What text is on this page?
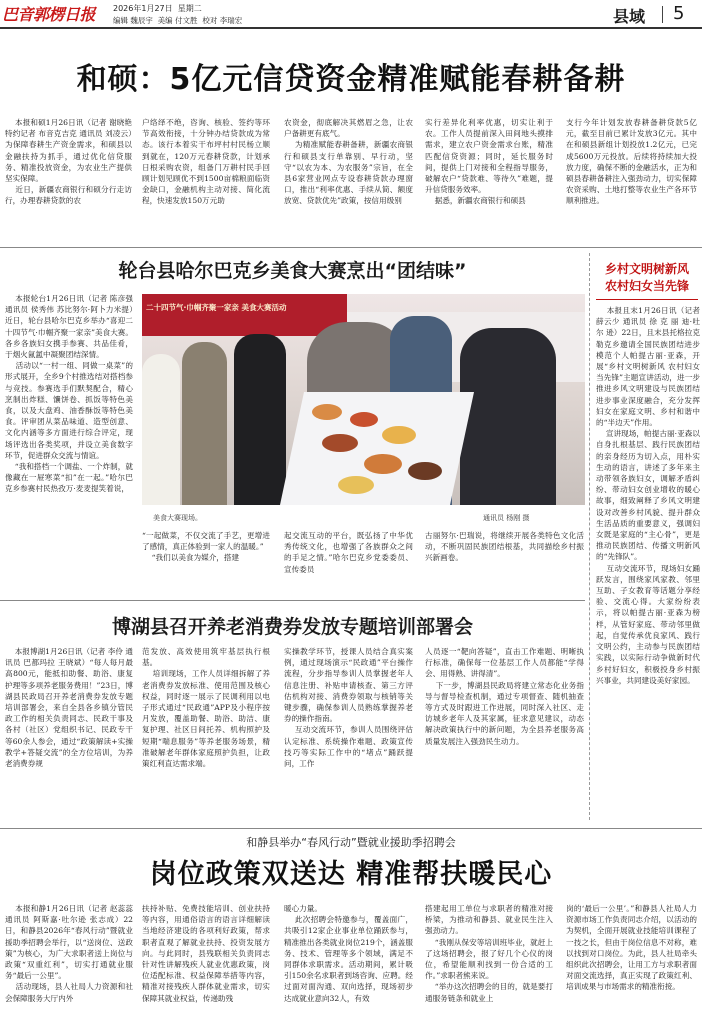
巴音郭楞日报 2026年1月27日 星期二
编辑 魏辰宇 美编 付文胜 校对 李瑞宏	县域 5
和硕：5亿元信贷资金精准赋能春耕备耕
本报和硕1月26日讯（记者 谢晓艳 特约记者 布音克吉克 通讯员 刘凌云）为保障春耕生产资金需求，和硕县以金融扶持为抓手，通过优化信贷服务、精准投放资金，为农业生产提供坚实保障。
近日，新疆农商银行和硕分行走访行，办理春耕贷款的农
户络绎不绝，咨询、核验、签约等环节高效衔接，十分钟办结贷款成为常态。该行本着实干布坪村村民杨立顺到就在，120万元春耕贷款，计划承日根采购农资，组备门万耕村民手回顾计划见顾优不到1500亩棉粮面临资金缺口，金融机构主动对接、简化流程，快速发放150万元助
农资金，彻底解决其燃眉之急，让农户备耕更有底气。
为精准赋能春耕备耕，新疆农商银行和硕县支行单靠别、早行动，坚守“以农为本、为农服务”宗旨，在全县6家营业网点专设春耕贷款办理窗口，推出“利率优惠、手续从简、额度放宽、贷款优先”政策，按信用级别
实行差异化利率优惠，切实让利于农。工作人员提前深入田间地头摸排需求，建立农户资金需求台账，精准匹配信贷资源；同时，延长服务时间，提供上门对接和全程指导服务，破解农户“贷款难、等待久”难题，提升信贷服务效率。
据悉，新疆农商银行和硕县
支行今年计划发放春耕备耕贷款5亿元，截至目前已累计发放3亿元。其中在和硕县新组计划投放1.2亿元，已完成5600万元投放。后续将持续加大投放力度，确保不断的金融活水，正为和硕县春耕备耕注入强劲动力，切实保障农资采购、土地打整等农业生产各环节顺利推进。
轮台县哈尔巴克乡美食大赛烹出“团结味”
本报轮台1月26日讯（记者 陈彦强 通讯员 侯秀伟 苏比努尔·阿卜力米提）近日，轮台县哈尔巴克乡举办“喜迎二十四节气·巾帼齐聚一家亲”美食大赛。各乡各族妇女携手参赛、共品佳肴，于烟火氤氲中凝聚团结深情。
活动以“一村一组、同做一桌菜”的形式展开，全乡9个村推选结对搭档参与竞技。参赛选手们默契配合，精心烹制出炸糕、馕饼卷、抓饭等特色美食，以及大盘鸡、油香酥饭等特色美食。评审团从菜品味道、造型创意、文化内涵等多方面进行综合评定，现场评选出各类奖项，并设立美食数字环节，促进群众交流与情谊。
“我和搭档一个调盐、一个炸制，就像藏在一屉寒菜“扣”在一起。”哈尔巴克乡参赛村民热孜万·麦麦提笑着说，
二十四节气·巾帼齐聚一家亲 美食大赛活动
美食大赛现场。	通讯员 杨刚 摄
“一起做菜，不仅交流了手艺，更增进了感情，真正体验到一家人的温暖。”
“我们以美食为媒介，搭建
起交流互动的平台，既弘扬了中华优秀传统文化，也增强了各族群众之间的手足之情。”哈尔巴克乡党委委员、宣传委员
古丽努尔·巴瑞说，将继续开展各类特色文化活动，不断巩固民族团结根基，共同描绘乡村振兴新画卷。
乡村文明树新风
农村妇女当先锋
本报且末1月26日讯（记者 薛云少 通讯员 徐 克 丽 迪·吐 尔 逊）22日，且末县托格拉克勒克乡邀请全国民族团结进步模范个人帕提古丽·亚森，开展“乡村文明树新风 农村妇女当先锋”主题宣讲活动，进一步推进乡风文明建设与民族团结进步事业深度融合，充分发挥妇女在家庭文明、乡村和谐中的“半边天”作用。
宣讲现场，帕提古丽·亚森以自身扎根基层、践行民族团结的亲身经历为切入点，用朴实生动的语言，讲述了多年来主动带领各族妇女，调解矛盾纠纷、带动妇女创业增收的暖心故事，细致阐释了乡风文明建设对改善乡村风貌、提升群众生活品质的重要意义，强调妇女既是家庭的“主心骨”，更是推动民族团结、传播文明新风的“先锋队”。
互动交流环节，现场妇女踊跃发言，围绕家风家教、邻里互助、子女教育等话题分享经验、交流心得。大家纷纷表示，将以帕提古丽·亚森为榜样，从管好家庭、带动邻里做起，自觉传承优良家风、践行文明公约，主动参与民族团结实践，以实际行动争做新时代乡村好妇女，积极投身乡村振兴事业，共同建设美好家园。
博湖县召开养老消费券发放专题培训部署会
本报博湖1月26日讯（记者 李伶 通讯员 巴都玛拉 王晓斌）“每人每月最高800元，能抵扣助餐、助浴、康复护理等多项养老服务费用！”23日，博湖县民政局召开养老消费券发放专题培训部署会，来自全县各乡镇分管民政工作的相关负责同志、民政干事及各村（社区）党组织书记、民政专干等60余人参会，通过“政策解读+实操教学+答疑交流”的全方位培训，为养老消费券规
范发放、高效使用筑牢基层执行根基。
培训现场，工作人员详细拆解了养老消费券发放标准、使用范围及核心权益，同时逐一展示了民调利用以电子形式通过“民政通”APP及小程序按月发放，覆盖助餐、助浴、助洁、康复护理、社区日间托养、机构照护及短期“喘息服务”等养老服务场景，精准破解老年群体家庭照护负担，让政策红利直达需求端。
实操教学环节，授课人员结合真实案例，通过现场演示“民政通”平台操作流程，分步指导参训人员掌握老年人信息注册、补贴申请核查、第三方评估机构对接、消费券领取与核销等关键步骤，确保参训人员熟练掌握养老券的操作指南。
互动交流环节，参训人员围绕评估认定标准、系统操作难题、政策宣传技巧等实际工作中的“堵点”踊跃提问，工作
人员逐一“靶向答疑”，直击工作难题、明晰执行标准，确保每一位基层工作人员都能“学得会、用得熟、讲得清”。
下一步，博湖县民政局将建立常态化业务指导与督导检查机制，通过专项督查、随机抽查等方式及时跟进工作进展，同时深入社区、走访城乡老年人及其家属，征求意见建议，动态解决政策执行中的新问题，为全县养老服务高质量发展注入强劲民生动力。
和静县举办“春风行动”暨就业援助季招聘会
岗位政策双送达 精准帮扶暖民心
本报和静1月26日讯（记者 赵蕊蕊 通讯员 阿斯嘉·吐尔逊 张志成）22日，和静县2026年“春风行动”暨就业援助季招聘会举行，以“送岗位、送政策”为核心，为广大求职者送上岗位与政策“双重红利”，切实打通就业服务“最后一公里”。
活动现场，县人社局人力资源和社会保障服务大厅内外
扶持补贴、免费技能培训、创业扶持等内容，用通俗语言的语言详细解读当地经济建设的各项利好政策，帮求职者直观了解就业扶持、投资发展方向。与此同时，县残联相关负责同志针对性讲解残疾人就业优惠政策，岗位适配标准、权益保障举措等内容，精准对接残疾人群体就业需求，切实保障其就业权益，传递助残
暖心力量。
此次招聘会特邀参与，覆盖面广，共吸引12家企业事业单位踊跃参与，精准推出各类就业岗位219个，涵盖服务、技术、管理等多个领域，满足不同群体求职需求。活动期间，累计吸引150余名求职者到场咨询、应聘。经过面对面沟通、双向选择，现场初步达成就业意向32人，有效
搭建起用工单位与求职者的精准对接桥梁，为推动和静县、就业民生注入强劲动力。
“我刚从保安等培训班毕业，就赶上了这场招聘会，报了好几个心仪的岗位，希望能顺利找到一份合适的工作。”求职者熊来说。
“举办这次招聘会的目的，就是要打通服务链条和就业上
岗的‘最后一公里’。”和静县人社局人力资源市场工作负责同志介绍，以活动的为契机，全面开展就业技能培训课程了一技之长，但由于岗位信息不对称，难以找到对口岗位。为此，县人社局牵头组织此次招聘会，让用工方与求职者面对面交流选择，真正实现了政策红利、培训成果与市场需求的精准衔接。
